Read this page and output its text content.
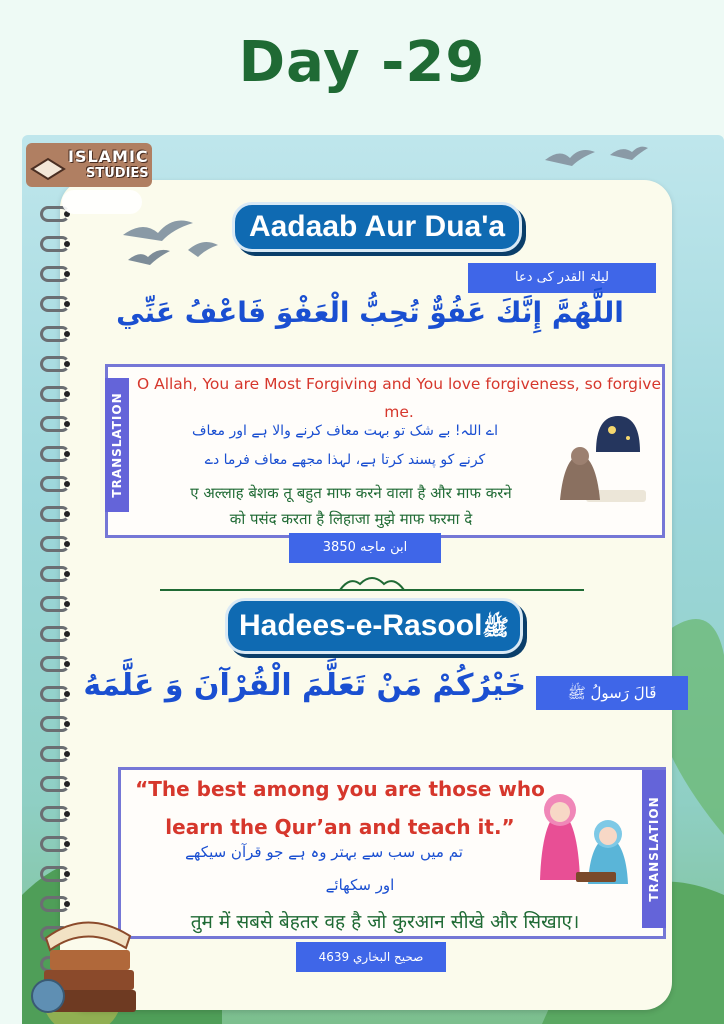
Day -29
ISLAMIC
STUDIES
Aadaab Aur Dua'a
لیلۃ القدر کی دعا
اللَّهُمَّ إِنَّكَ عَفُوٌّ تُحِبُّ الْعَفْوَ فَاعْفُ عَنِّي
TRANSLATION
O Allah, You are Most Forgiving and You love forgiveness, so forgive me.
اے اللہ! بے شک تو بہت معاف کرنے والا ہے اور معاف
کرنے کو پسند کرتا ہے، لہذا مجھے معاف فرما دے
ए अल्लाह बेशक तू बहुत माफ करने वाला है और माफ करने
को पसंद करता है लिहाजा मुझे माफ फरमा दे
ابن ماجه 3850
Hadees-e-Rasoolﷺ
قَالَ رَسولُ ﷺ
خَيْرُكُمْ مَنْ تَعَلَّمَ الْقُرْآنَ وَ عَلَّمَهُ
TRANSLATION
“The best among you are those who learn the Qur’an and teach it.”
تم میں سب سے بہتر وہ ہے جو قرآن سیکھے
اور سکھائے
तुम में सबसे बेहतर वह है जो कुरआन सीखे और सिखाए।
صحيح البخاري 4639
